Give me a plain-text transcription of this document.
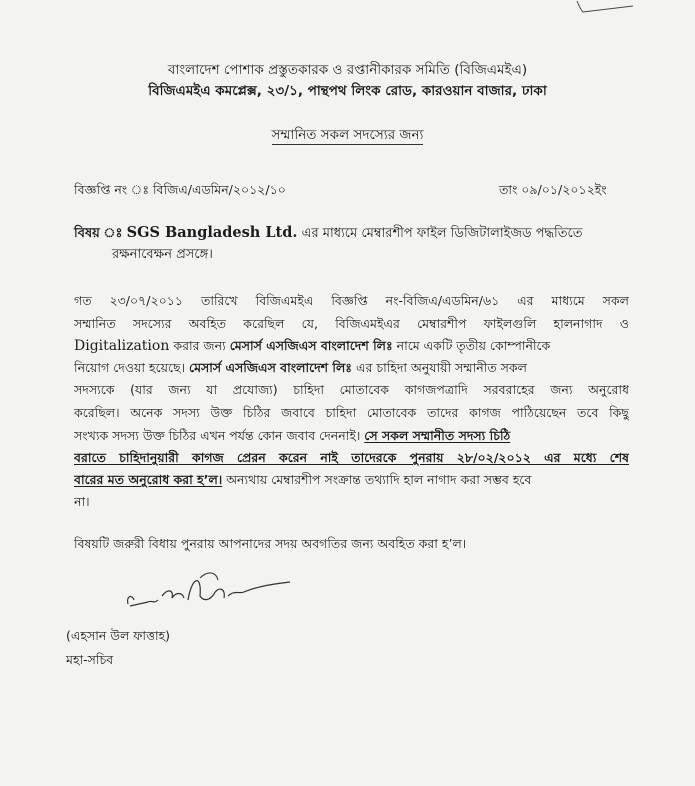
বাংলাদেশ পোশাক প্রস্তুতকারক ও রপ্তানীকারক সমিতি (বিজিএমইএ)
বিজিএমইএ কমপ্লেক্স, ২৩/১, পান্থপথ লিংক রোড, কারওয়ান বাজার, ঢাকা
সম্মানিত সকল সদস্যের জন্য
বিজ্ঞপ্তি নং ঃ বিজিএ/এডমিন/২০১২/১০	তাং ০৯/০১/২০১২ইং
বিষয় ঃ SGS Bangladesh Ltd. এর মাধ্যমে মেম্বারশীপ ফাইল ডিজিটালাইজড পদ্ধতিতে
রক্ষনাবেক্ষন প্রসঙ্গে।
গত ২৩/০৭/২০১১ তারিখে বিজিএমইএ বিজ্ঞপ্তি নং-বিজিএ/এডমিন/৬১ এর মাধ্যমে সকল
সম্মানিত সদস্যের অবহিত করেছিল যে, বিজিএমইএর মেম্বারশীপ ফাইলগুলি হালনাগাদ ও
Digitalization করার জন্য মেসার্স এসজিএস বাংলাদেশ লিঃ নামে একটি তৃতীয় কোম্পানীকে
নিয়োগ দেওয়া হয়েছে। মেসার্স এসজিএস বাংলাদেশ লিঃ এর চাহিদা অনুযায়ী সম্মানীত সকল
সদস্যকে (যার জন্য যা প্রযোজ্য) চাহিদা মোতাবেক কাগজপত্রাদি সরবরাহের জন্য অনুরোধ
করেছিল। অনেক সদস্য উক্ত চিঠির জবাবে চাহিদা মোতাবেক তাদের কাগজ পাঠিয়েছেন তবে কিছু
সংখ্যক সদস্য উক্ত চিঠির এখন পর্যন্ত কোন জবাব দেননাই। সে সকল সম্মানীত সদস্য চিঠি
বরাতে চাহিদানুয়ারী কাগজ প্রেরন করেন নাই তাদেরকে পুনরায় ২৮/০২/২০১২ এর মধ্যে শেষ
বারের মত অনুরোধ করা হ’ল। অন্যথায় মেম্বারশীপ সংক্রান্ত তথ্যাদি হাল নাগাদ করা সম্ভব হবে
না।
বিষয়টি জরুরী বিধায় পুনরায় আপনাদের সদয় অবগতির জন্য অবহিত করা হ’ল।
(এহসান উল ফাত্তাহ)
মহা-সচিব
